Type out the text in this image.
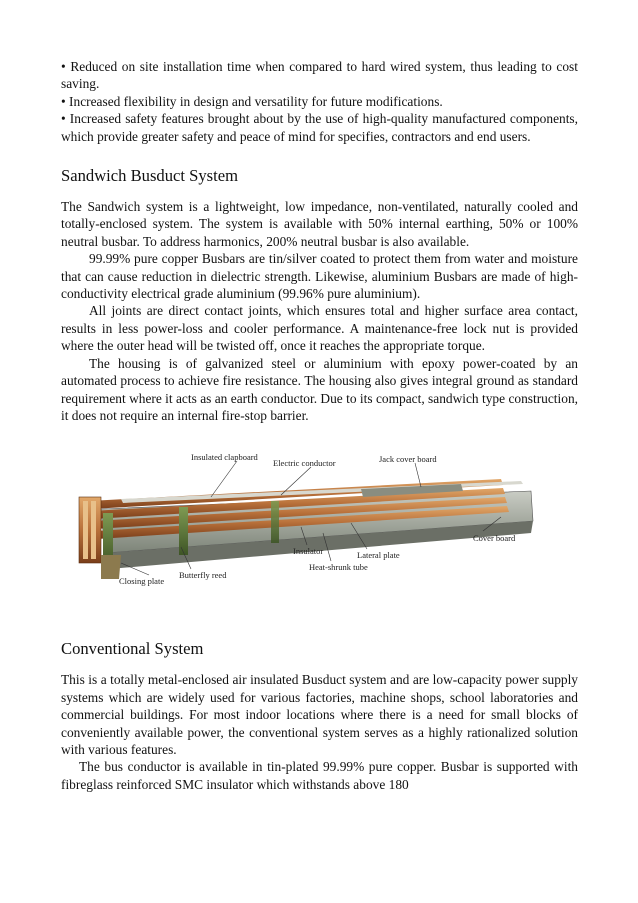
• Reduced on site installation time when compared to hard wired system, thus leading to cost saving.

• Increased flexibility in design and versatility for future modifications.

• Increased safety features brought about by the use of high-quality manufactured components, which provide greater safety and peace of mind for specifies, contractors and end users.

Sandwich Busduct System

The Sandwich system is a lightweight, low impedance, non-ventilated, naturally cooled and totally-enclosed system. The system is available with 50% internal earthing, 50% or 100% neutral busbar. To address harmonics, 200% neutral busbar is also available.

99.99% pure copper Busbars are tin/silver coated to protect them from water and moisture that can cause reduction in dielectric strength. Likewise, aluminium Busbars are made of high-conductivity electrical grade aluminium (99.96% pure aluminium).

All joints are direct contact joints, which ensures total and higher surface area contact, results in less power-loss and cooler performance. A maintenance-free lock nut is provided where the outer head will be twisted off, once it reaches the appropriate torque.

The housing is of galvanized steel or aluminium with epoxy power-coated by an automated process to achieve fire resistance. The housing also gives integral ground as standard requirement where it acts as an earth conductor. Due to its compact, sandwich type construction, it does not require an internal fire-stop barrier.

Insulated clapboard
Electric conductor	Jack cover board
Cover board
Insulator	Lateral plate
Heat-shrunk tube
Butterfly reed
Closing plate
Conventional System

This is a totally metal-enclosed air insulated Busduct system and are low-capacity power supply systems which are widely used for various factories, machine shops, school laboratories and commercial buildings. For most indoor locations where there is a need for small blocks of conveniently available power, the conventional system serves as a highly rationalized solution with various features.

The bus conductor is available in tin-plated 99.99% pure copper. Busbar is supported with fibreglass reinforced SMC insulator which withstands above 180
